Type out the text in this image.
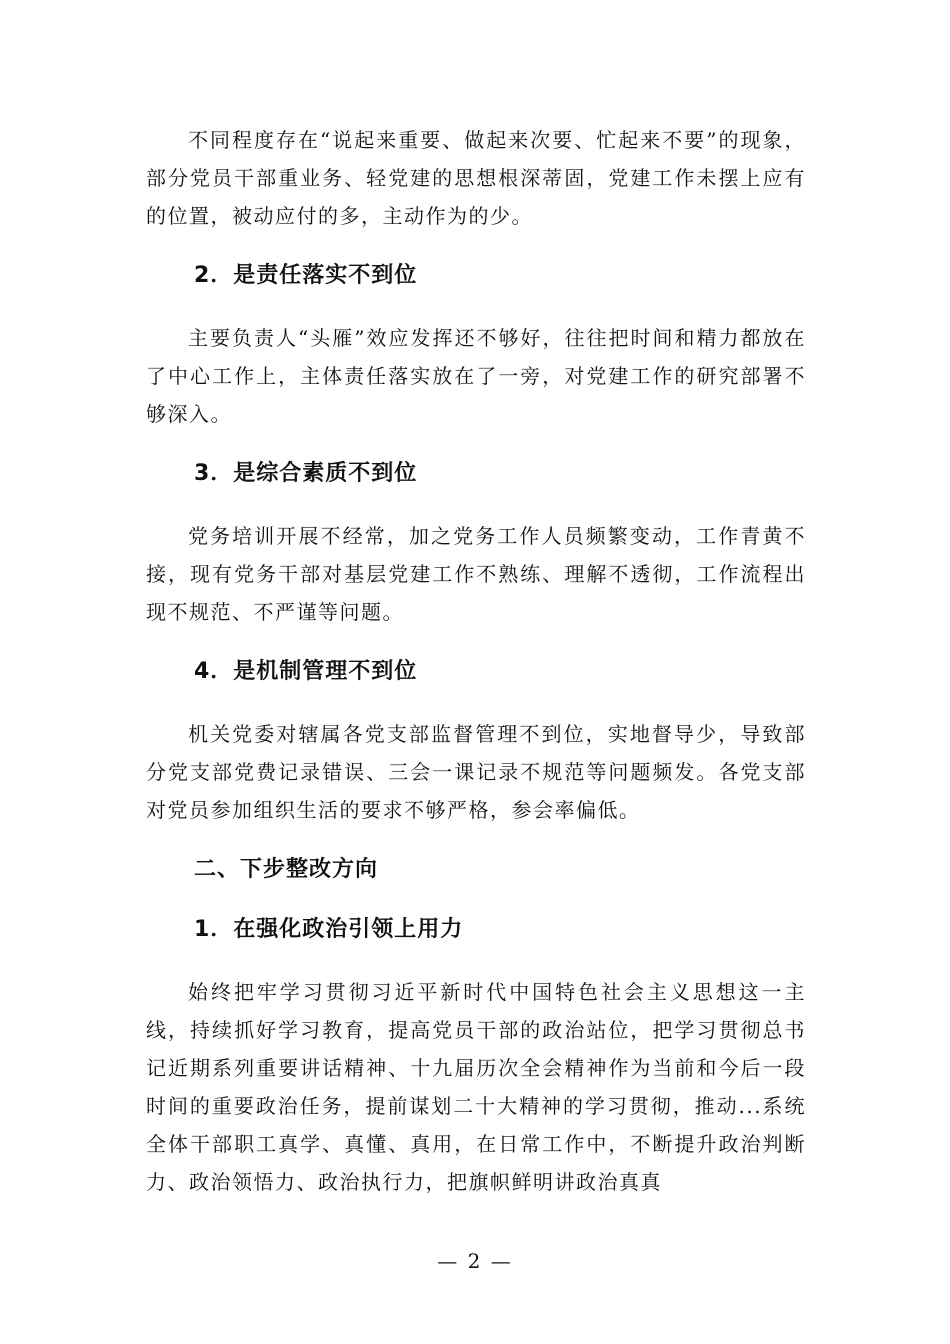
不同程度存在“说起来重要、做起来次要、忙起来不要”的现象，部分党员干部重业务、轻党建的思想根深蒂固，党建工作未摆上应有的位置，被动应付的多，主动作为的少。

2．是责任落实不到位

主要负责人“头雁”效应发挥还不够好，往往把时间和精力都放在了中心工作上，主体责任落实放在了一旁，对党建工作的研究部署不够深入。

3．是综合素质不到位

党务培训开展不经常，加之党务工作人员频繁变动，工作青黄不接，现有党务干部对基层党建工作不熟练、理解不透彻，工作流程出现不规范、不严谨等问题。

4．是机制管理不到位

机关党委对辖属各党支部监督管理不到位，实地督导少，导致部分党支部党费记录错误、三会一课记录不规范等问题频发。各党支部对党员参加组织生活的要求不够严格，参会率偏低。

二、下步整改方向
1．在强化政治引领上用力

始终把牢学习贯彻习近平新时代中国特色社会主义思想这一主线，持续抓好学习教育，提高党员干部的政治站位，把学习贯彻总书记近期系列重要讲话精神、十九届历次全会精神作为当前和今后一段时间的重要政治任务，提前谋划二十大精神的学习贯彻，推动...系统全体干部职工真学、真懂、真用，在日常工作中，不断提升政治判断力、政治领悟力、政治执行力，把旗帜鲜明讲政治真真

— 2 —
